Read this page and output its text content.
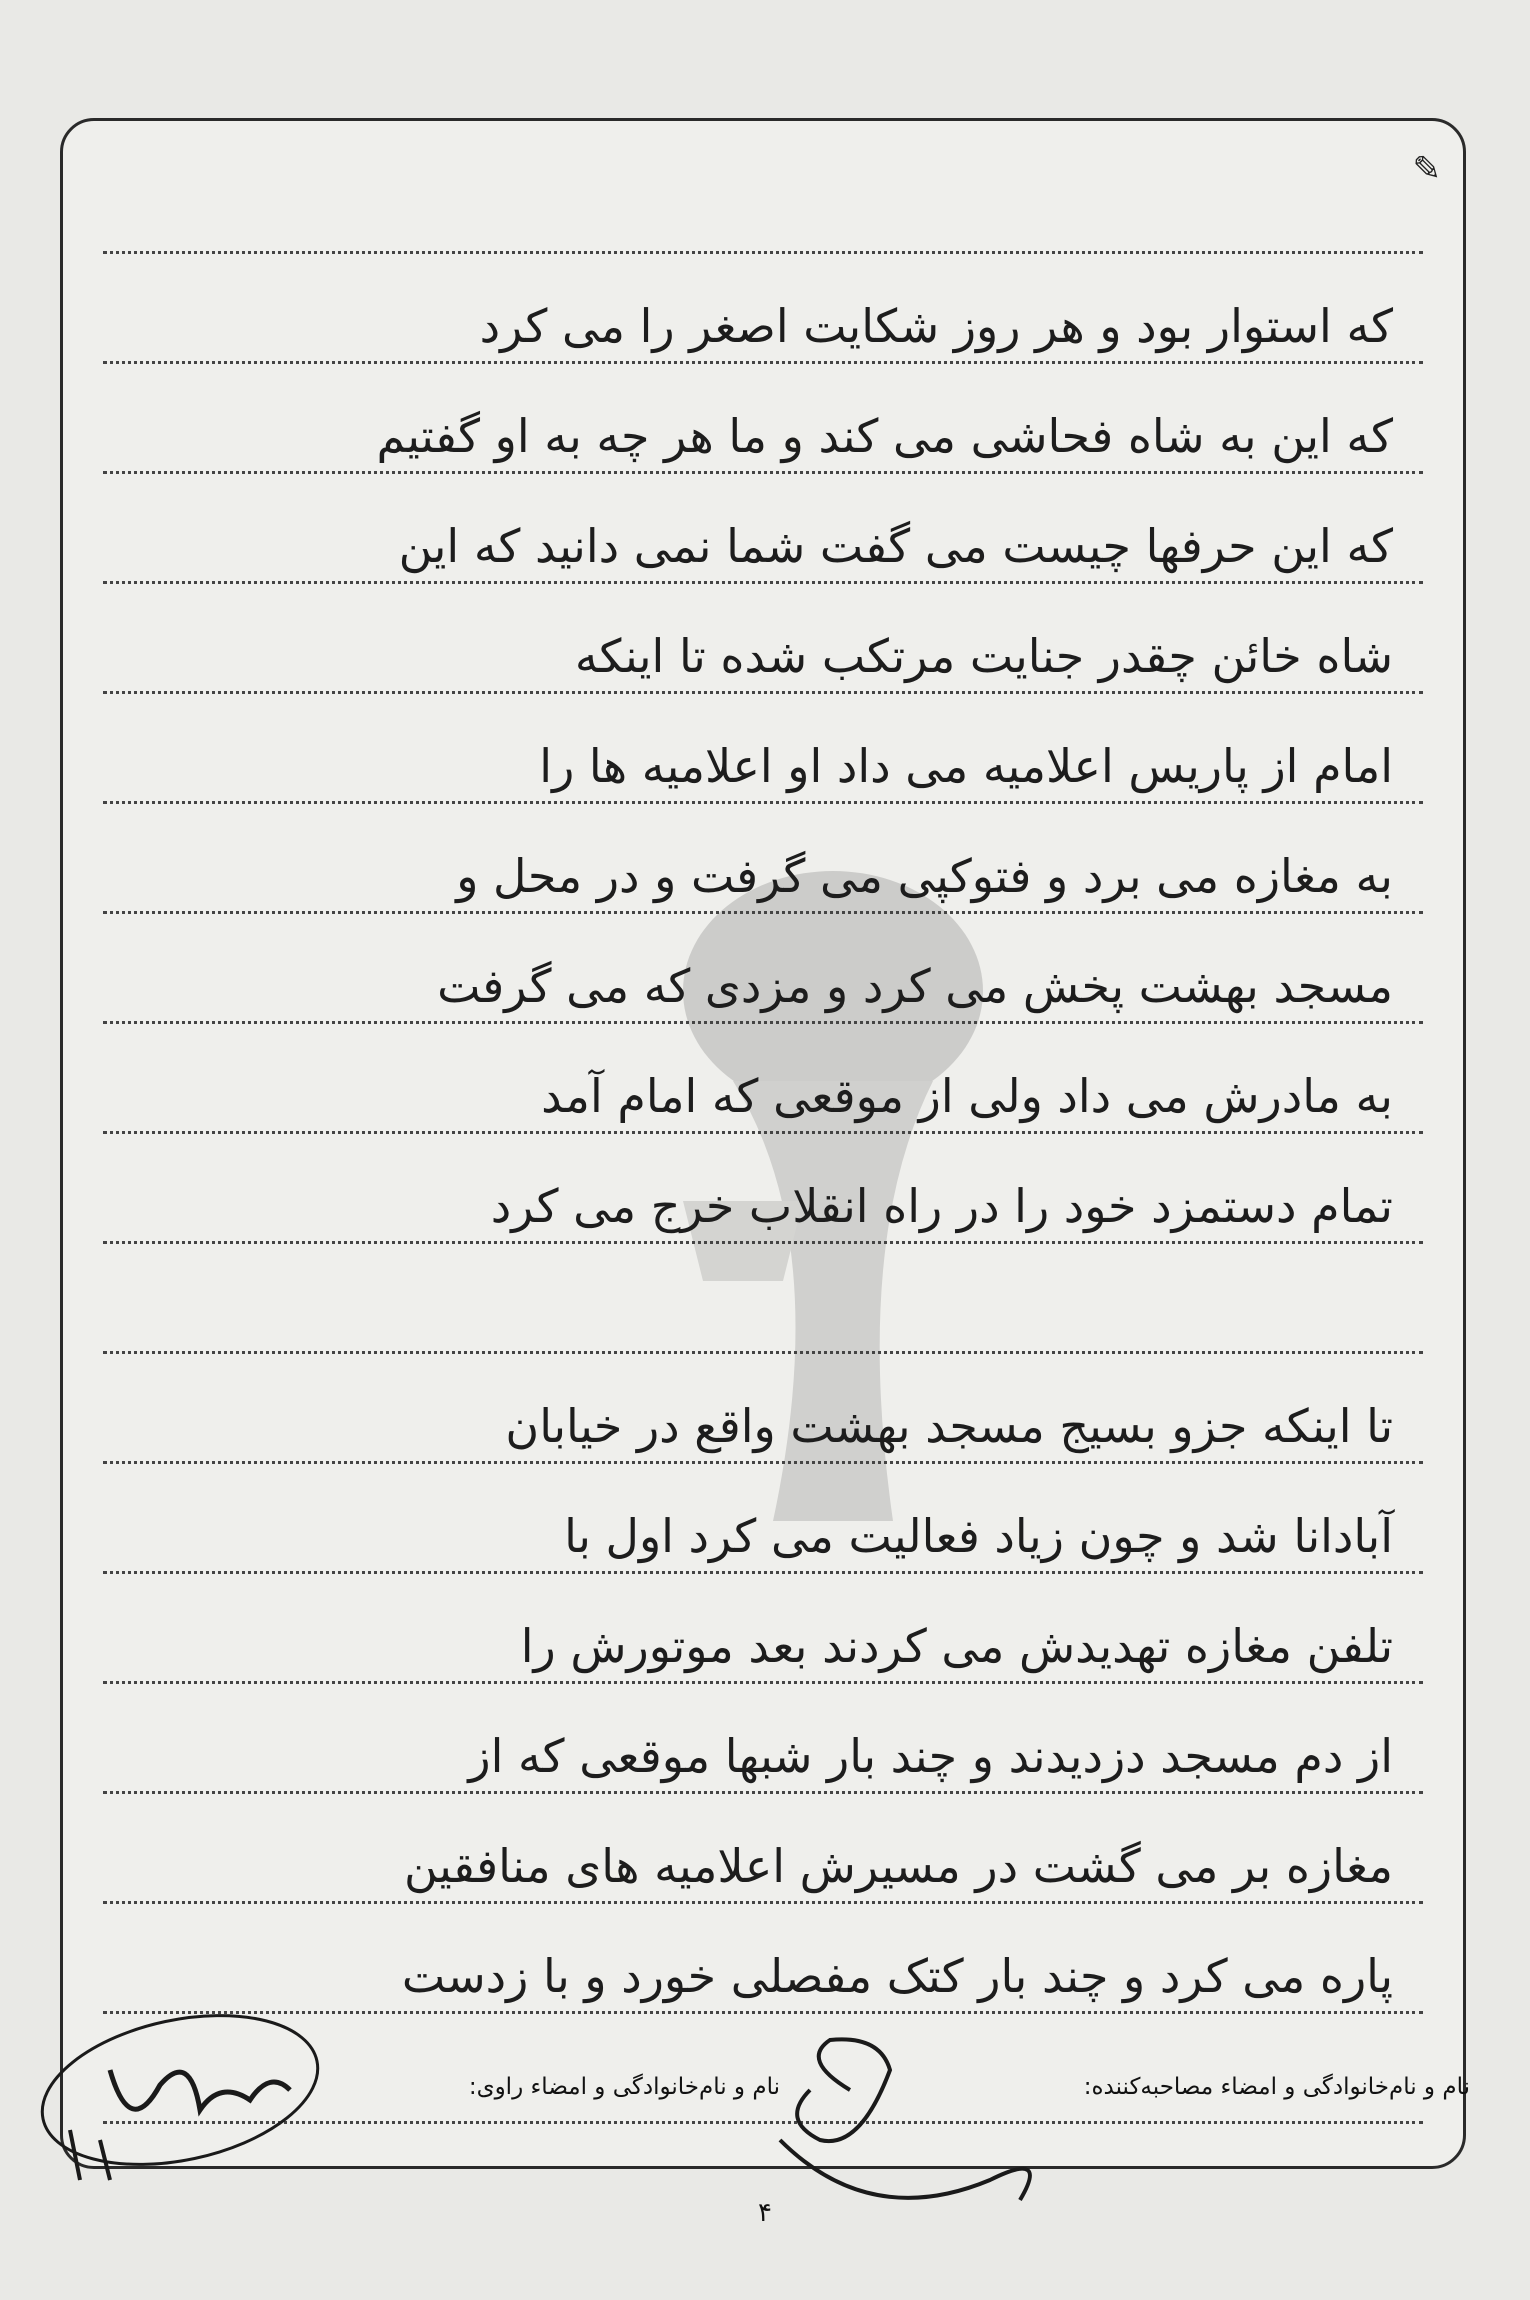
✎
که استوار بود و هر روز شکایت اصغر را می کرد
که این به شاه فحاشی می کند و ما هر چه به او گفتیم
که این حرفها چیست می گفت شما نمی دانید که این
شاه خائن چقدر جنایت مرتکب شده تا اینکه
امام از پاریس اعلامیه می داد او اعلامیه ها را
به مغازه می برد و فتوکپی می گرفت و در محل و
مسجد بهشت پخش می کرد و مزدی که می گرفت
به مادرش می داد ولی از موقعی که امام آمد
تمام دستمزد خود را در راه انقلاب خرج می کرد
تا اینکه جزو بسیج مسجد بهشت واقع در خیابان
آبادانا شد و چون زیاد فعالیت می کرد اول با
تلفن مغازه تهدیدش می کردند بعد موتورش را
از دم مسجد دزدیدند و چند بار شبها موقعی که از
مغازه بر می گشت در مسیرش اعلامیه های منافقین
پاره می کرد و چند بار کتک مفصلی خورد و با زدست
نام و نام‌خانوادگی و امضاء مصاحبه‌کننده:
نام و نام‌خانوادگی و امضاء راوی:
۴
